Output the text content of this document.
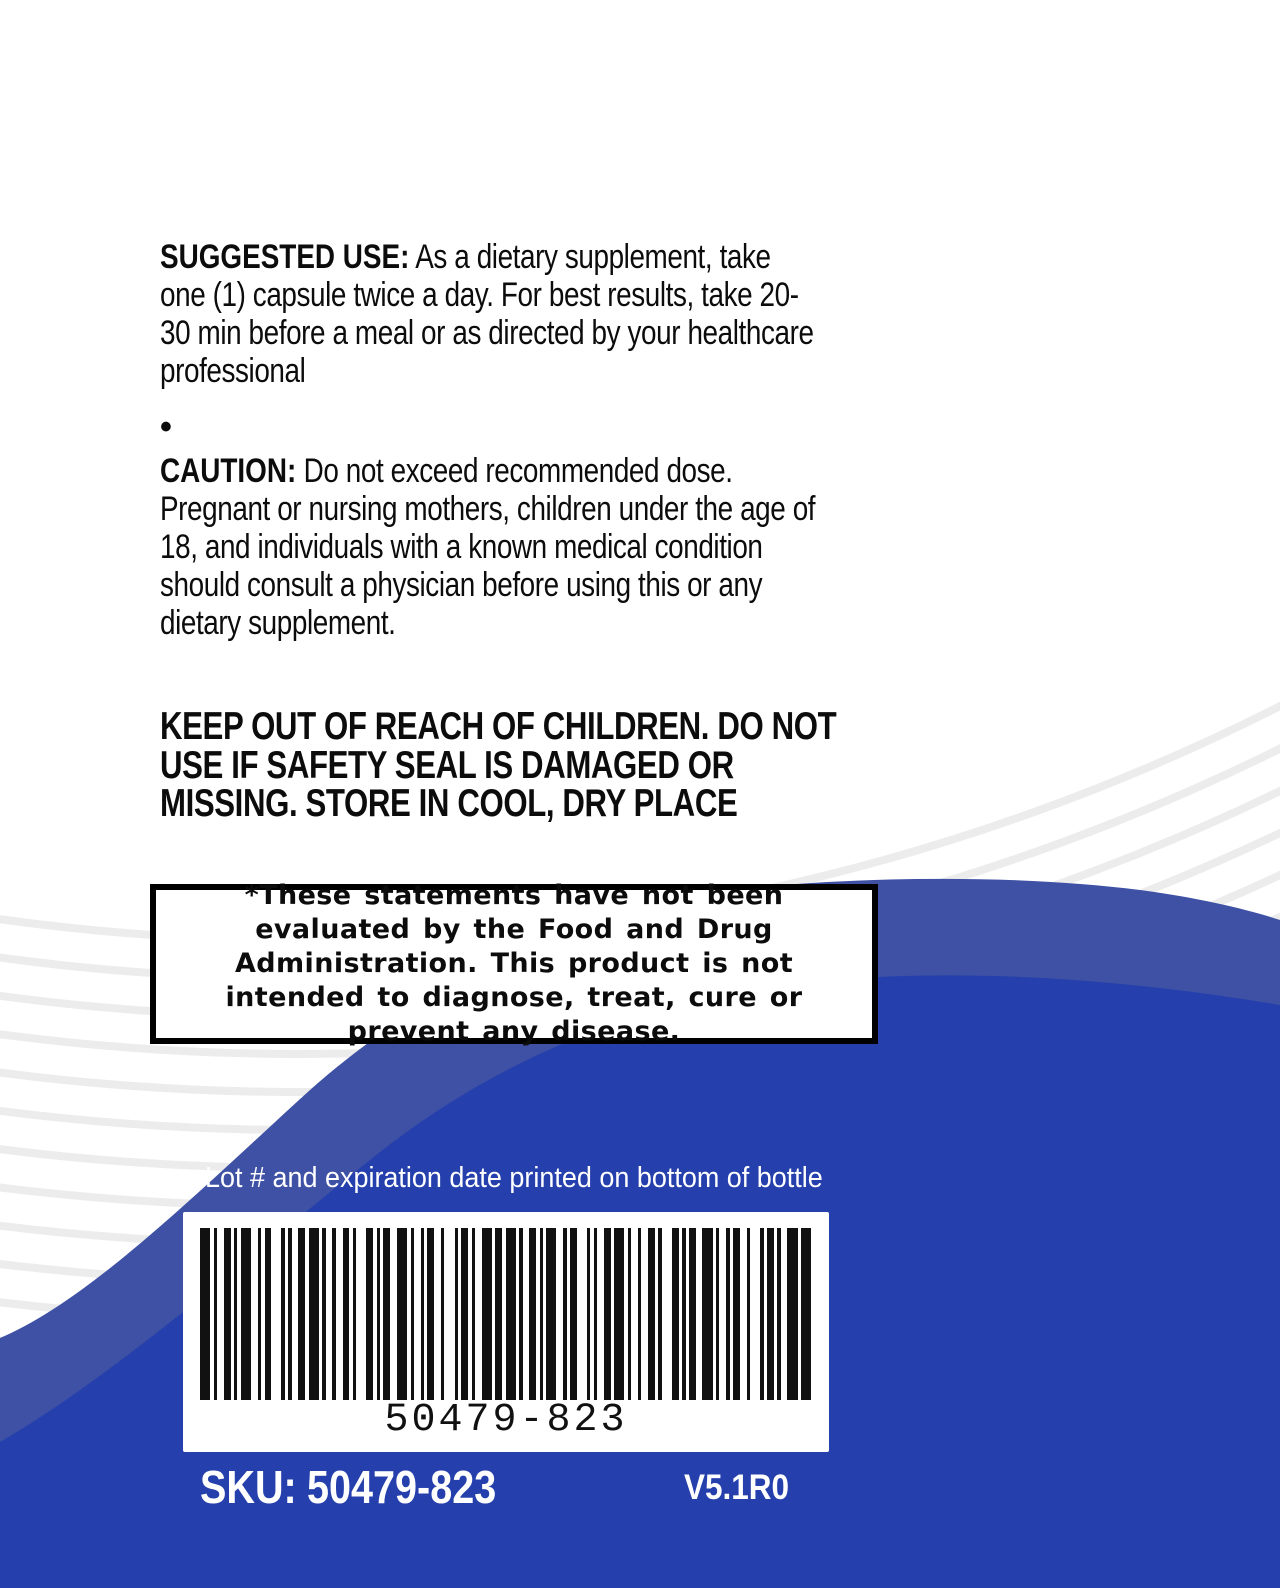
SUGGESTED USE: As a dietary supplement, take one (1) capsule twice a day. For best results, take 20-30 min before a meal or as directed by your healthcare professional
•
CAUTION: Do not exceed recommended dose. Pregnant or nursing mothers, children under the age of 18, and individuals with a known medical condition should consult a physician before using this or any dietary supplement.
KEEP OUT OF REACH OF CHILDREN. DO NOT USE IF SAFETY SEAL IS DAMAGED OR MISSING. STORE IN COOL, DRY PLACE
*These statements have not been evaluated by the Food and Drug Administration. This product is not intended to diagnose, treat, cure or prevent any disease.
Lot # and expiration date printed on bottom of bottle
50479-823
SKU: 50479-823	V5.1R0
